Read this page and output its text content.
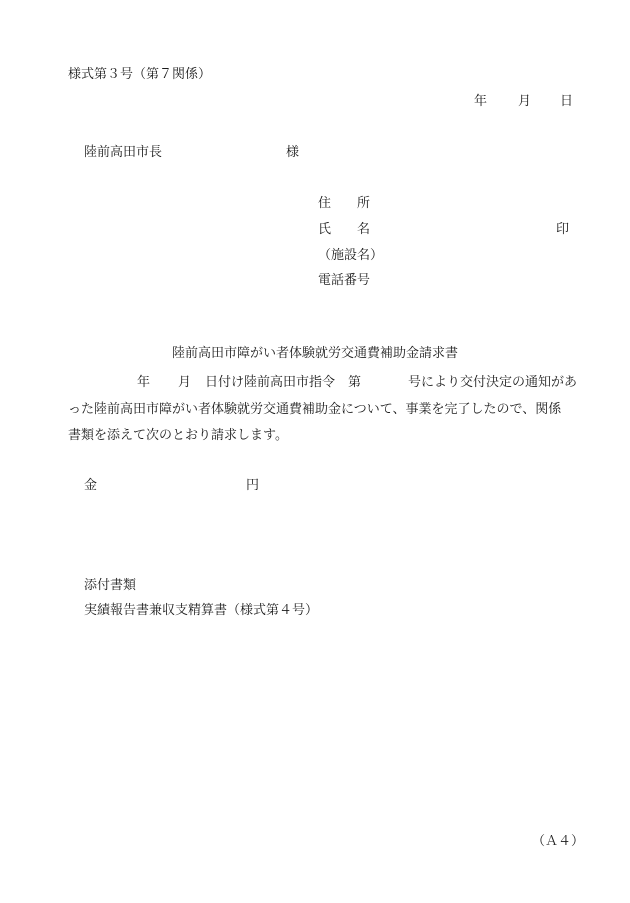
様式第３号（第７関係）
年 月 日
陸前高田市長	様
住　　所
氏　　名	印
（施設名）
電話番号
陸前高田市障がい者体験就労交通費補助金請求書
年 月 日付け陸前高田市指令　第	号により交付決定の通知があ
った陸前高田市障がい者体験就労交通費補助金について、事業を完了したので、関係
書類を添えて次のとおり請求します。
金	円
添付書類
実績報告書兼収支精算書（様式第４号）
（Ａ４）
